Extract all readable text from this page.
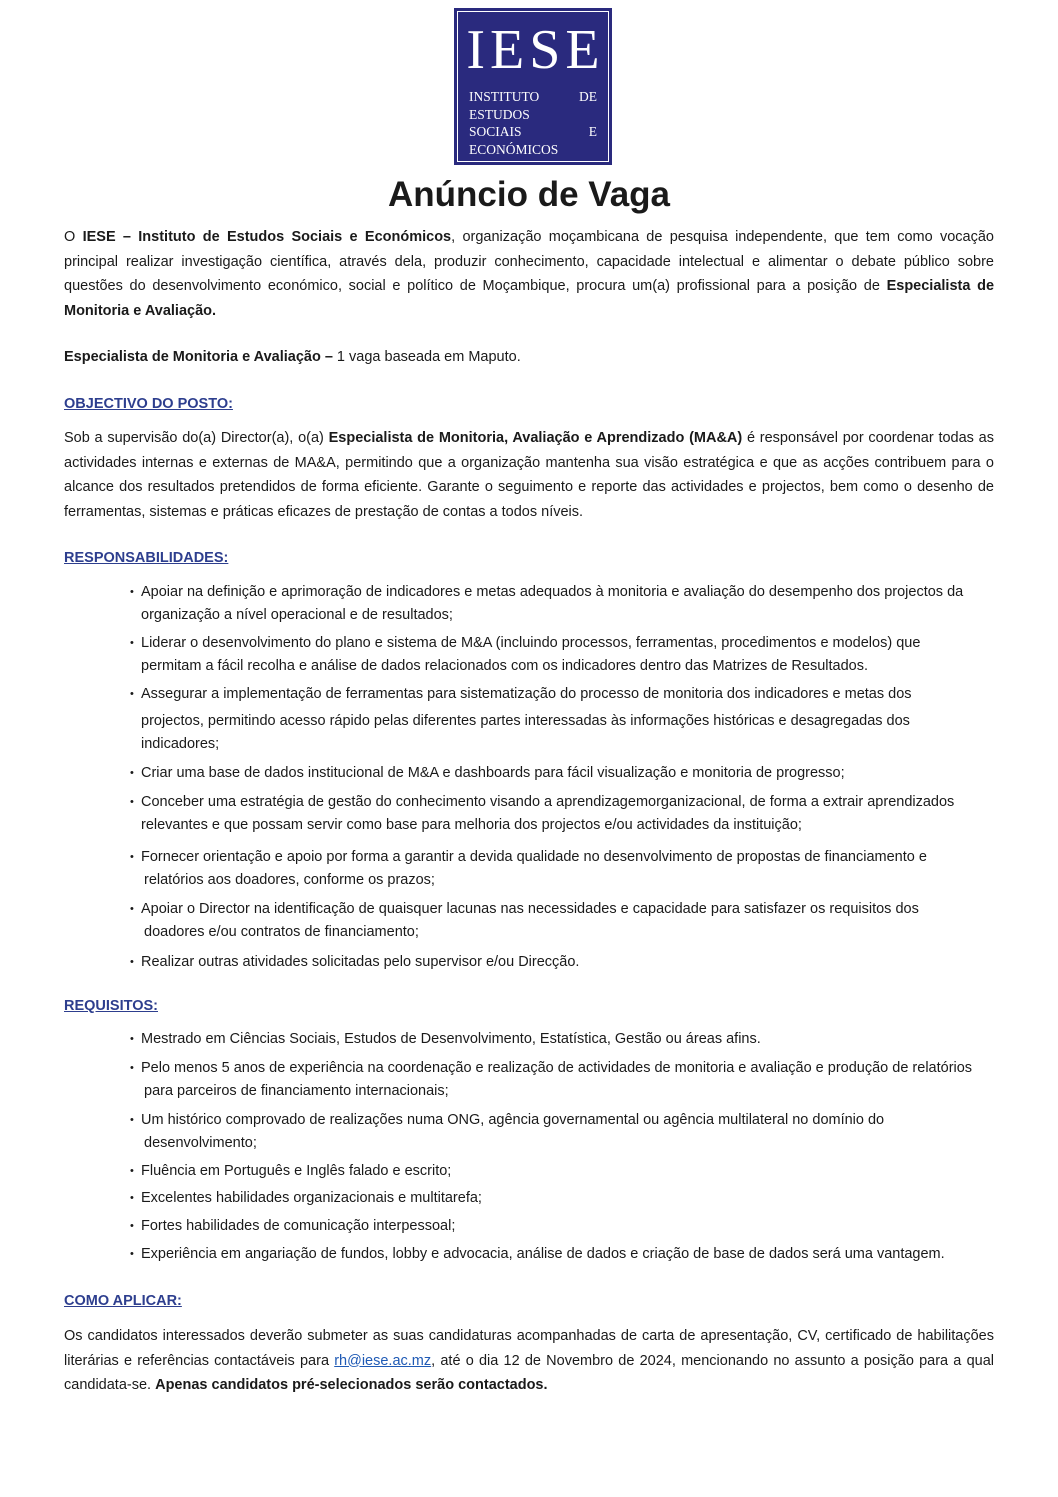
IESE
INSTITUTO DE
ESTUDOS
SOCIAIS E
ECONÓMICOS
Anúncio de Vaga

O IESE – Instituto de Estudos Sociais e Económicos, organização moçambicana de pesquisa independente, que tem como vocação principal realizar investigação científica, através dela, produzir conhecimento, capacidade intelectual e alimentar o debate público sobre questões do desenvolvimento económico, social e político de Moçambique, procura um(a) profissional para a posição de Especialista de Monitoria e Avaliação.

Especialista de Monitoria e Avaliação – 1 vaga baseada em Maputo.

OBJECTIVO DO POSTO:

Sob a supervisão do(a) Director(a), o(a) Especialista de Monitoria, Avaliação e Aprendizado (MA&A) é responsável por coordenar todas as actividades internas e externas de MA&A, permitindo que a organização mantenha sua visão estratégica e que as acções contribuem para o alcance dos resultados pretendidos de forma eficiente. Garante o seguimento e reporte das actividades e projectos, bem como o desenho de ferramentas, sistemas e práticas eficazes de prestação de contas a todos níveis.

RESPONSABILIDADES:
• Apoiar na definição e aprimoração de indicadores e metas adequados à monitoria e avaliação do desempenho dos projectos da
organização a nível operacional e de resultados;
• Liderar o desenvolvimento do plano e sistema de M&A (incluindo processos, ferramentas, procedimentos e modelos) que
permitam a fácil recolha e análise de dados relacionados com os indicadores dentro das Matrizes de Resultados.
• Assegurar a implementação de ferramentas para sistematização do processo de monitoria dos indicadores e metas dos
projectos, permitindo acesso rápido pelas diferentes partes interessadas às informações históricas e desagregadas dos
indicadores;
• Criar uma base de dados institucional de M&A e dashboards para fácil visualização e monitoria de progresso;
• Conceber uma estratégia de gestão do conhecimento visando a aprendizagemorganizacional, de forma a extrair aprendizados
relevantes e que possam servir como base para melhoria dos projectos e/ou actividades da instituição;
• Fornecer orientação e apoio por forma a garantir a devida qualidade no desenvolvimento de propostas de financiamento e
relatórios aos doadores, conforme os prazos;
• Apoiar o Director na identificação de quaisquer lacunas nas necessidades e capacidade para satisfazer os requisitos dos
doadores e/ou contratos de financiamento;
• Realizar outras atividades solicitadas pelo supervisor e/ou Direcção.
REQUISITOS:
• Mestrado em Ciências Sociais, Estudos de Desenvolvimento, Estatística, Gestão ou áreas afins.
• Pelo menos 5 anos de experiência na coordenação e realização de actividades de monitoria e avaliação e produção de relatórios
para parceiros de financiamento internacionais;
• Um histórico comprovado de realizações numa ONG, agência governamental ou agência multilateral no domínio do
desenvolvimento;
• Fluência em Português e Inglês falado e escrito;
• Excelentes habilidades organizacionais e multitarefa;
• Fortes habilidades de comunicação interpessoal;
• Experiência em angariação de fundos, lobby e advocacia, análise de dados e criação de base de dados será uma vantagem.
COMO APLICAR:

Os candidatos interessados deverão submeter as suas candidaturas acompanhadas de carta de apresentação, CV, certificado de habilitações literárias e referências contactáveis para rh@iese.ac.mz, até o dia 12 de Novembro de 2024, mencionando no assunto a posição para a qual candidata-se. Apenas candidatos pré-selecionados serão contactados.
